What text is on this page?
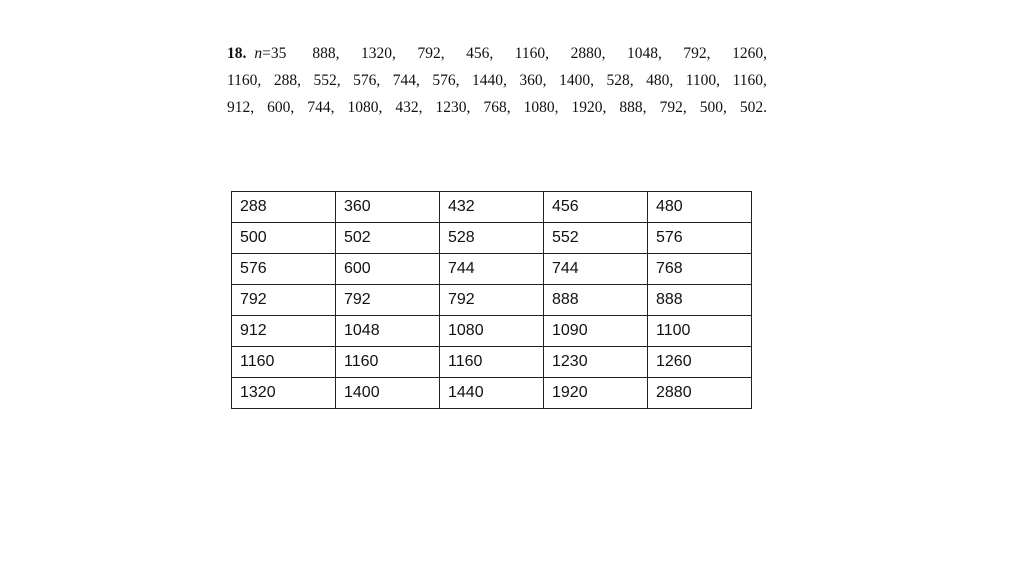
18. n =35 888, 1320, 792, 456, 1160, 2880, 1048, 792, 1260,
1160, 288, 552, 576, 744, 576, 1440, 360, 1400, 528, 480, 1100, 1160,
912, 600, 744, 1080, 432, 1230, 768, 1080, 1920, 888, 792, 500, 502.
288	360	432	456	480
500	502	528	552	576
576	600	744	744	768
792	792	792	888	888
912	1048	1080	1090	1100
1160	1160	1160	1230	1260
1320	1400	1440	1920	2880
